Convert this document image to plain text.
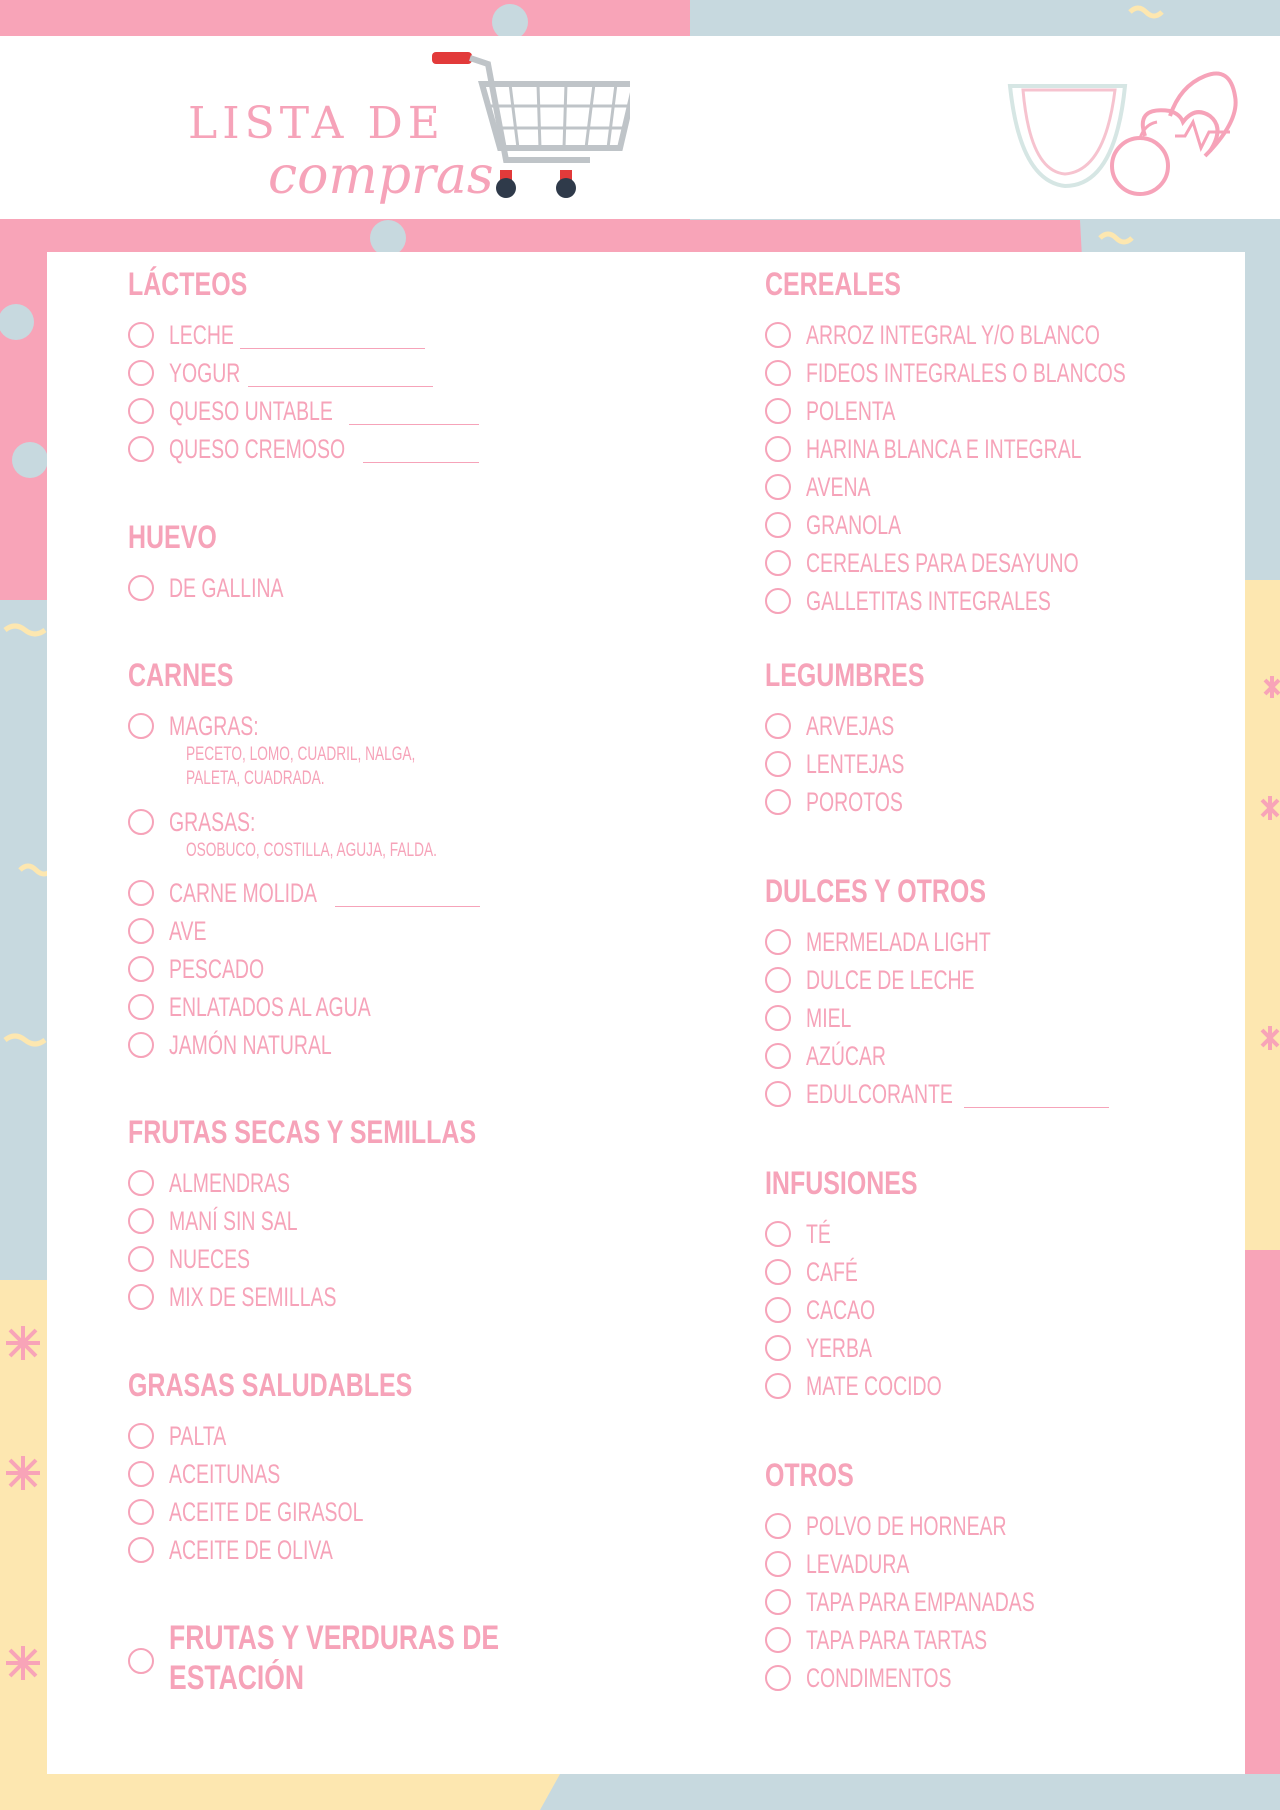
LISTA DE
compras
LÁCTEOS
LECHE
YOGUR
QUESO UNTABLE
QUESO CREMOSO
HUEVO
DE GALLINA
CARNES
MAGRAS:
PECETO, LOMO, CUADRIL, NALGA,
PALETA, CUADRADA.
GRASAS:
OSOBUCO, COSTILLA, AGUJA, FALDA.
CARNE MOLIDA
AVE
PESCADO
ENLATADOS AL AGUA
JAMÓN NATURAL
FRUTAS SECAS Y SEMILLAS
ALMENDRAS
MANÍ SIN SAL
NUECES
MIX DE SEMILLAS
GRASAS SALUDABLES
PALTA
ACEITUNAS
ACEITE DE GIRASOL
ACEITE DE OLIVA
FRUTAS Y VERDURAS DE
ESTACIÓN
CEREALES
ARROZ INTEGRAL Y/O BLANCO
FIDEOS INTEGRALES O BLANCOS
POLENTA
HARINA BLANCA E INTEGRAL
AVENA
GRANOLA
CEREALES PARA DESAYUNO
GALLETITAS INTEGRALES
LEGUMBRES
ARVEJAS
LENTEJAS
POROTOS
DULCES Y OTROS
MERMELADA LIGHT
DULCE DE LECHE
MIEL
AZÚCAR
EDULCORANTE
INFUSIONES
TÉ
CAFÉ
CACAO
YERBA
MATE COCIDO
OTROS
POLVO DE HORNEAR
LEVADURA
TAPA PARA EMPANADAS
TAPA PARA TARTAS
CONDIMENTOS
